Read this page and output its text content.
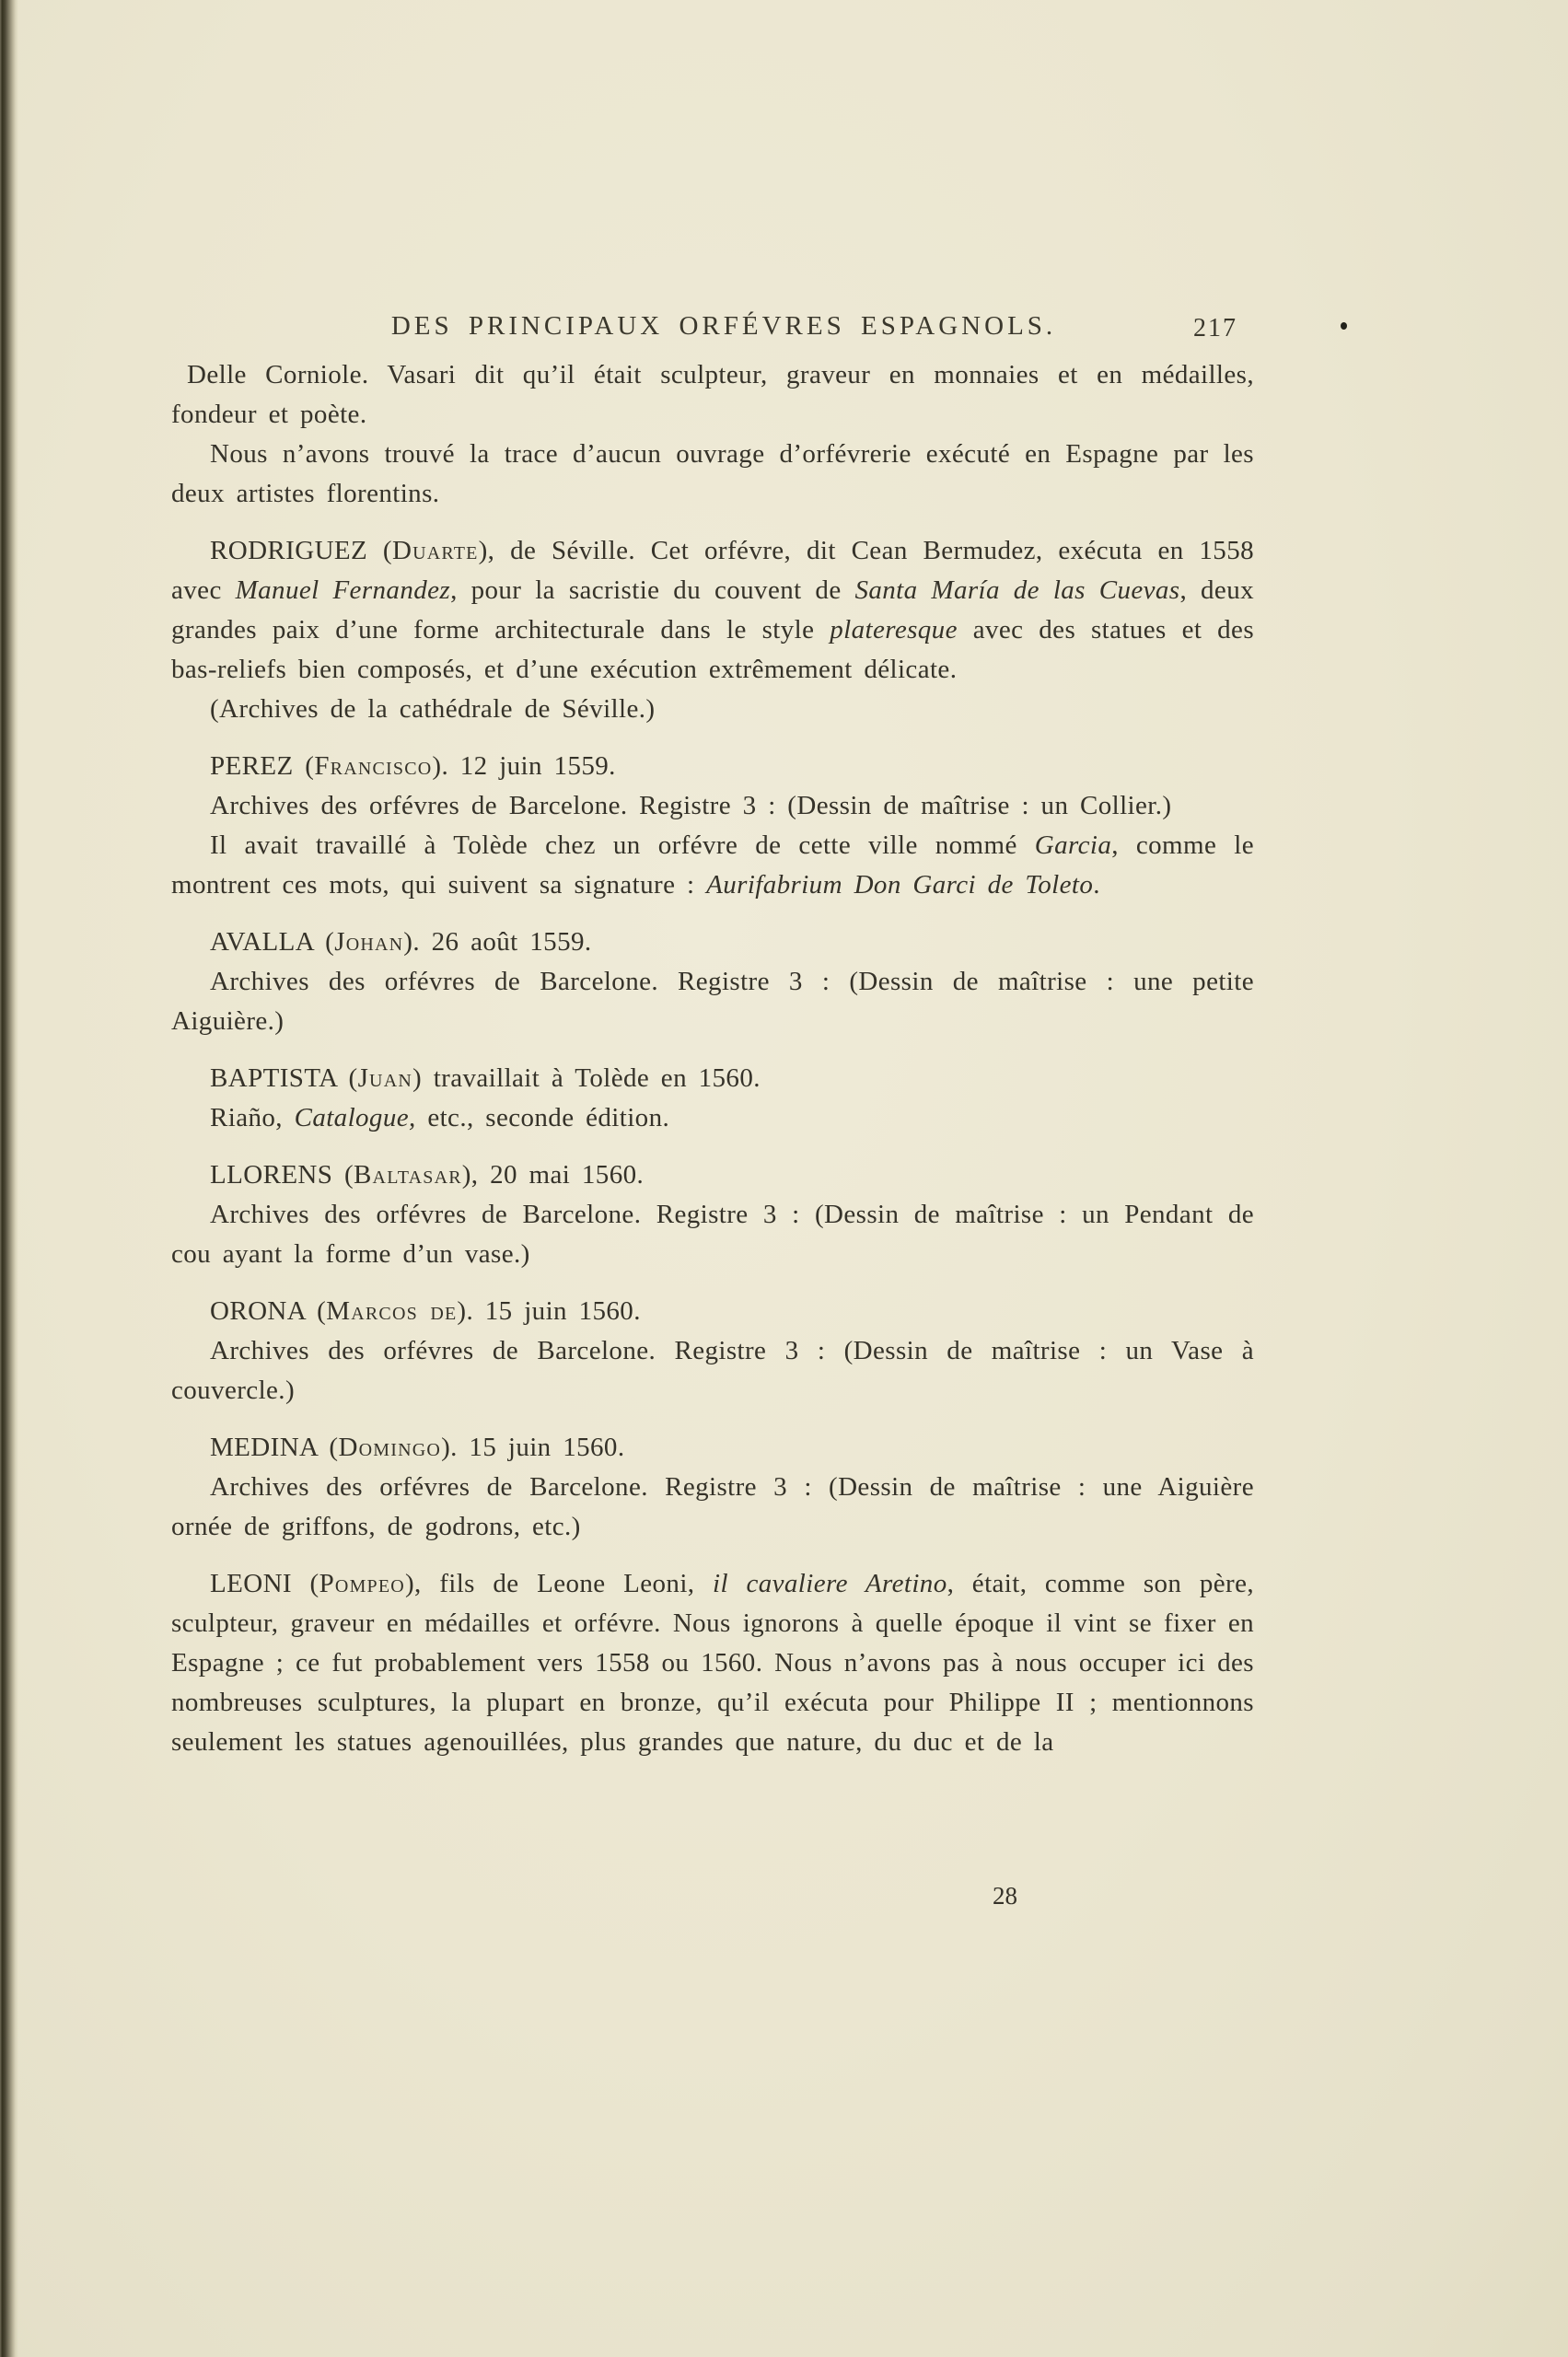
DES PRINCIPAUX ORFÉVRES ESPAGNOLS.	217

Delle Corniole. Vasari dit qu’il était sculpteur, graveur en monnaies et en médailles, fondeur et poète.

Nous n’avons trouvé la trace d’aucun ouvrage d’orfévrerie exécuté en Espagne par les deux artistes florentins.

RODRIGUEZ (Duarte), de Séville. Cet orfévre, dit Cean Bermudez, exécuta en 1558 avec Manuel Fernandez, pour la sacristie du couvent de Santa María de las Cuevas, deux grandes paix d’une forme architecturale dans le style plateresque avec des statues et des bas-reliefs bien composés, et d’une exécution extrêmement délicate.

(Archives de la cathédrale de Séville.)

PEREZ (Francisco). 12 juin 1559.

Archives des orfévres de Barcelone. Registre 3 : (Dessin de maîtrise : un Collier.)

Il avait travaillé à Tolède chez un orfévre de cette ville nommé Garcia, comme le montrent ces mots, qui suivent sa signature : Aurifabrium Don Garci de Toleto.

AVALLA (Johan). 26 août 1559.

Archives des orfévres de Barcelone. Registre 3 : (Dessin de maîtrise : une petite Aiguière.)

BAPTISTA (Juan) travaillait à Tolède en 1560.

Riaño, Catalogue, etc., seconde édition.

LLORENS (Baltasar), 20 mai 1560.

Archives des orfévres de Barcelone. Registre 3 : (Dessin de maîtrise : un Pendant de cou ayant la forme d’un vase.)

ORONA (Marcos de). 15 juin 1560.

Archives des orfévres de Barcelone. Registre 3 : (Dessin de maîtrise : un Vase à couvercle.)

MEDINA (Domingo). 15 juin 1560.

Archives des orfévres de Barcelone. Registre 3 : (Dessin de maîtrise : une Aiguière ornée de griffons, de godrons, etc.)

LEONI (Pompeo), fils de Leone Leoni, il cavaliere Aretino, était, comme son père, sculpteur, graveur en médailles et orfévre. Nous ignorons à quelle époque il vint se fixer en Espagne ; ce fut probablement vers 1558 ou 1560. Nous n’avons pas à nous occuper ici des nombreuses sculptures, la plupart en bronze, qu’il exécuta pour Philippe II ; mentionnons seulement les statues agenouillées, plus grandes que nature, du duc et de la

28
